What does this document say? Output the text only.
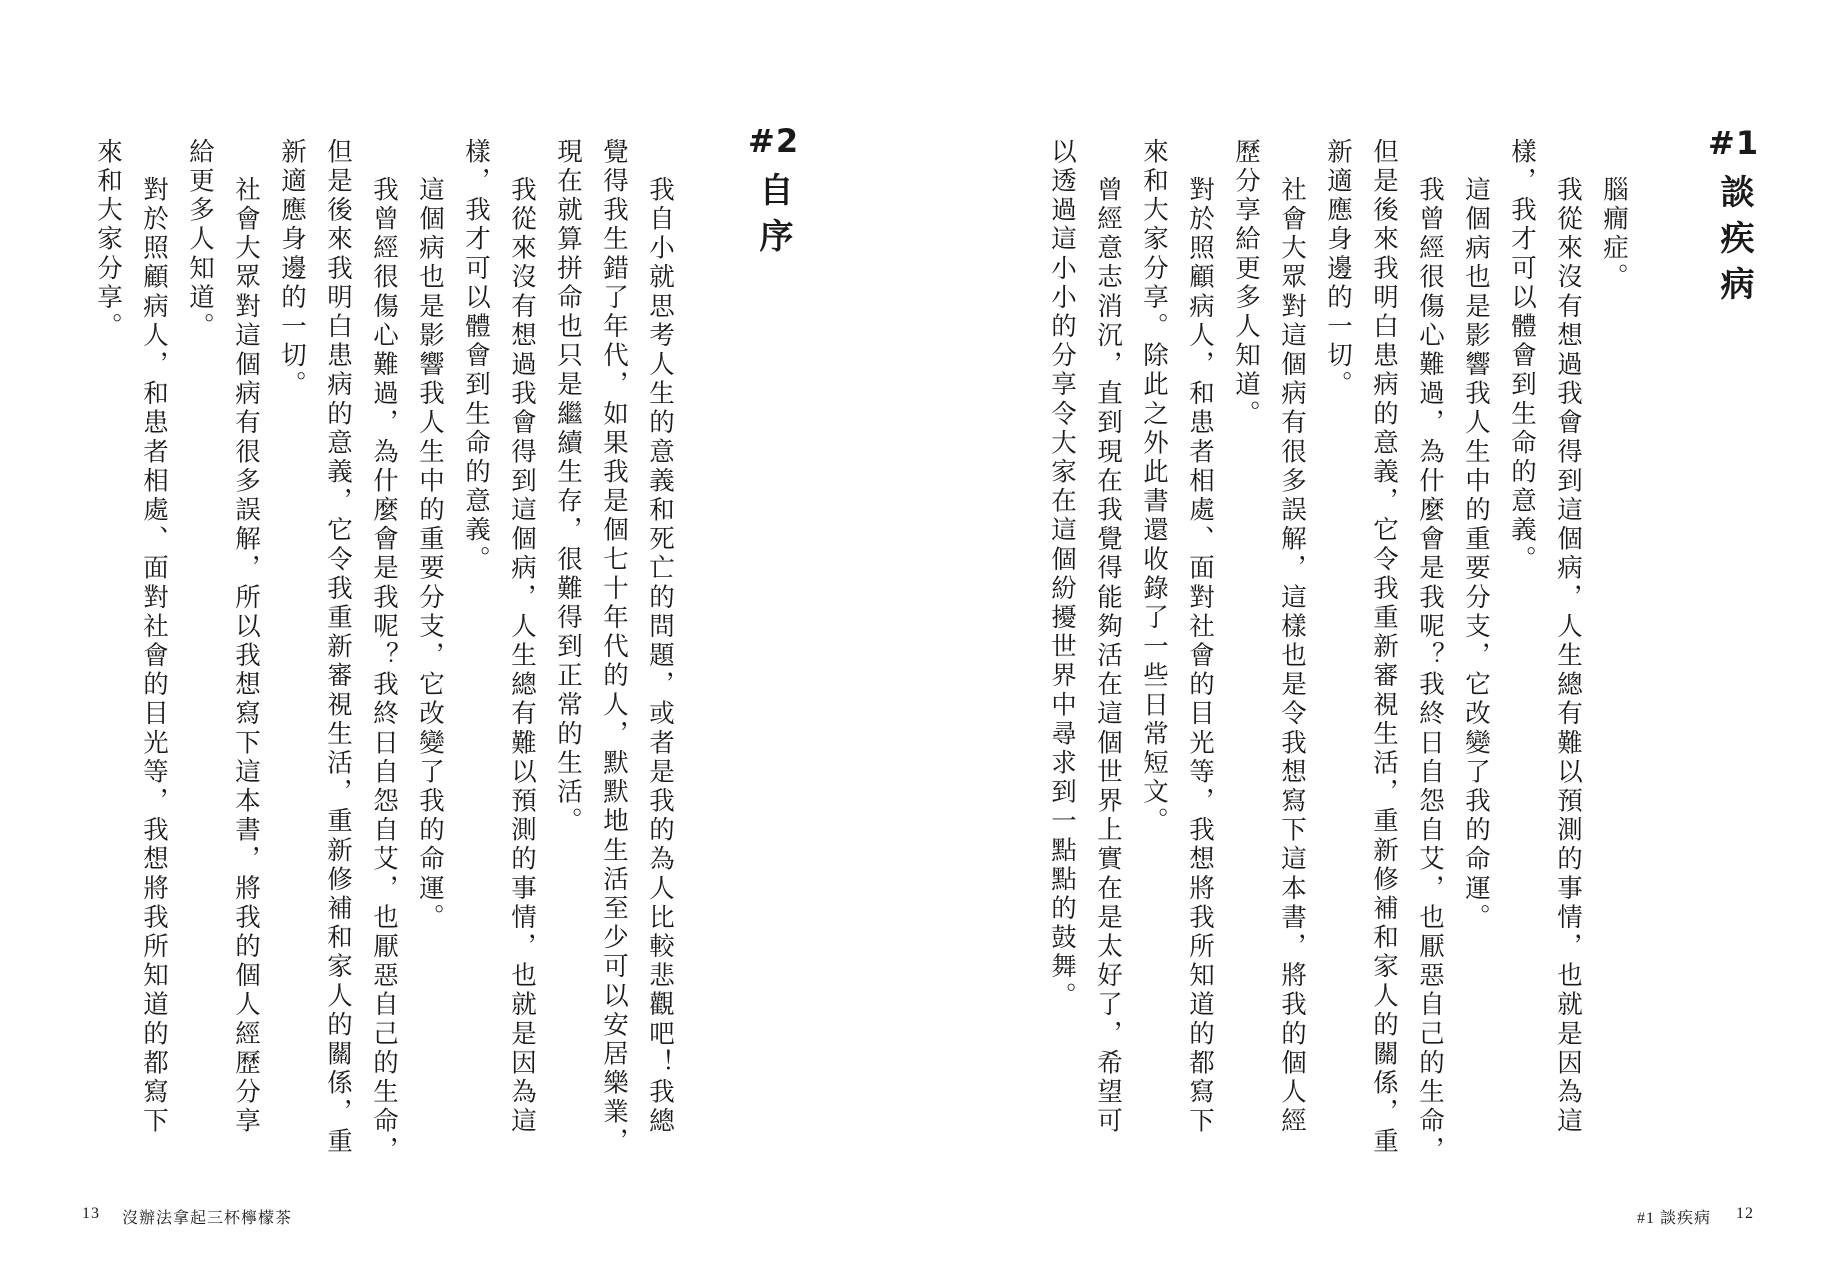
#2
自序
我自小就思考人生的意義和死亡的問題，或者是我的為人比較悲觀吧！我總
覺得我生錯了年代，如果我是個七十年代的人，默默地生活至少可以安居樂業，
現在就算拼命也只是繼續生存，很難得到正常的生活。
我從來沒有想過我會得到這個病，人生總有難以預測的事情，也就是因為這
樣，我才可以體會到生命的意義。
這個病也是影響我人生中的重要分支，它改變了我的命運。
我曾經很傷心難過，為什麼會是我呢？我終日自怨自艾，也厭惡自己的生命，
但是後來我明白患病的意義，它令我重新審視生活，重新修補和家人的關係，重
新適應身邊的一切。
社會大眾對這個病有很多誤解，所以我想寫下這本書，將我的個人經歷分享
給更多人知道。
對於照顧病人，和患者相處、面對社會的目光等，我想將我所知道的都寫下
來和大家分享。
13 沒辦法拿起三杯檸檬茶
#1
談疾病
腦癇症。
我從來沒有想過我會得到這個病，人生總有難以預測的事情，也就是因為這
樣，我才可以體會到生命的意義。
這個病也是影響我人生中的重要分支，它改變了我的命運。
我曾經很傷心難過，為什麼會是我呢？我終日自怨自艾，也厭惡自己的生命，
但是後來我明白患病的意義，它令我重新審視生活，重新修補和家人的關係，重
新適應身邊的一切。
社會大眾對這個病有很多誤解，這樣也是令我想寫下這本書，將我的個人經
歷分享給更多人知道。
對於照顧病人，和患者相處、面對社會的目光等，我想將我所知道的都寫下
來和大家分享。除此之外此書還收錄了一些日常短文。
曾經意志消沉，直到現在我覺得能夠活在這個世界上實在是太好了，希望可
以透過這小小的分享令大家在這個紛擾世界中尋求到一點點的鼓舞。
#1 談疾病 12
